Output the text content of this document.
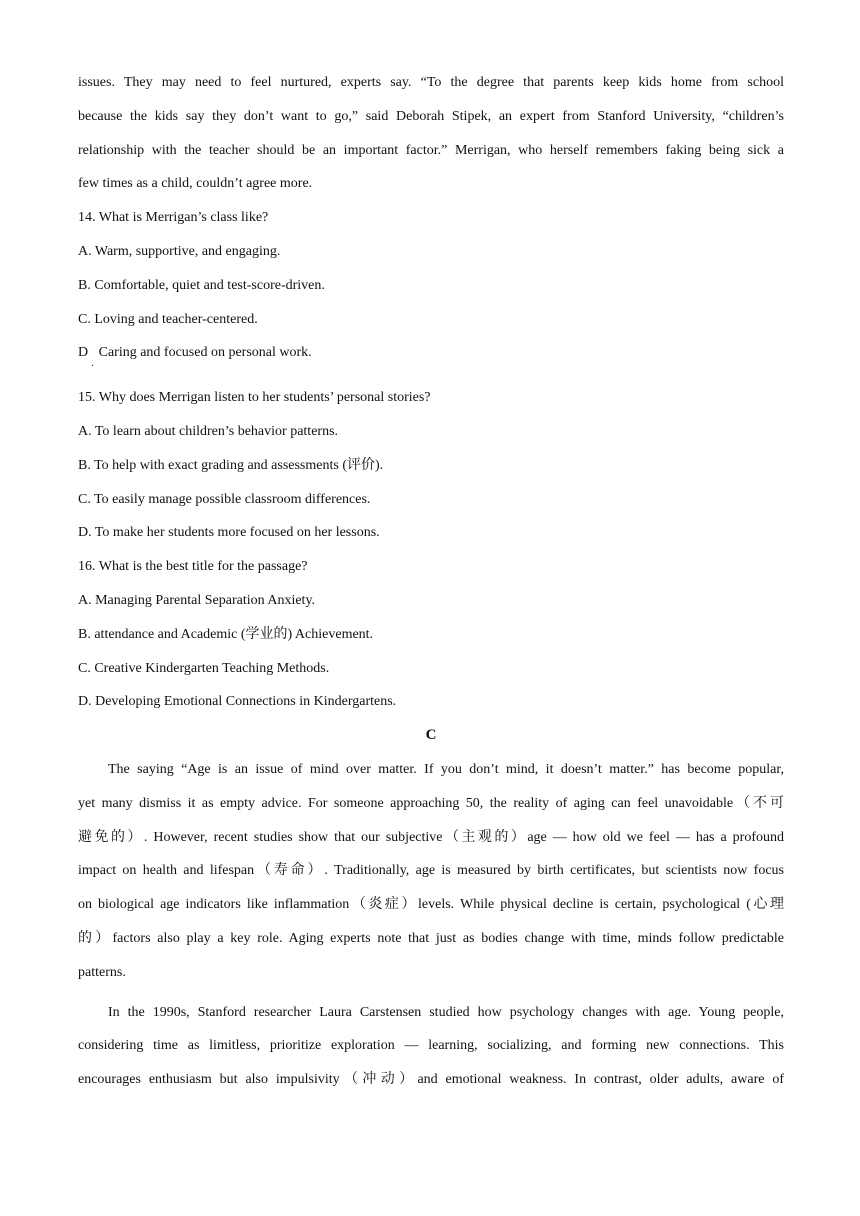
issues. They may need to feel nurtured, experts say. “To the degree that parents keep kids home from school

because the kids say they don’t want to go,” said Deborah Stipek, an expert from Stanford University, “children’s

relationship with the teacher should be an important factor.” Merrigan, who herself remembers faking being sick a

few times as a child, couldn’t agree more.

14. What is Merrigan’s class like?

A. Warm, supportive, and engaging.

B. Comfortable, quiet and test-score-driven.

C. Loving and teacher-centered.

D   Caring and focused on personal work.

15. Why does Merrigan listen to her students’ personal stories?

A. To learn about children’s behavior patterns.

B. To help with exact grading and assessments (评价).

C. To easily manage possible classroom differences.

D. To make her students more focused on her lessons.

16. What is the best title for the passage?

A. Managing Parental Separation Anxiety.

B. attendance and Academic (学业的) Achievement.

C. Creative Kindergarten Teaching Methods.

D. Developing Emotional Connections in Kindergartens.

C

The saying “Age is an issue of mind over matter. If you don’t mind, it doesn’t matter.” has become popular,

yet many dismiss it as empty advice. For someone approaching 50, the reality of aging can feel unavoidable（不可

避免的）. However, recent studies show that our subjective（主观的）age — how old we feel — has a profound

impact on health and lifespan（寿命）. Traditionally, age is measured by birth certificates, but scientists now focus

on biological age indicators like inflammation（炎症）levels. While physical decline is certain, psychological (心理

的）factors also play a key role. Aging experts note that just as bodies change with time, minds follow predictable

patterns.

In the 1990s, Stanford researcher Laura Carstensen studied how psychology changes with age. Young people,

considering time as limitless, prioritize exploration — learning, socializing, and forming new connections. This

encourages enthusiasm but also impulsivity（冲动）and emotional weakness. In contrast, older adults, aware of

·
